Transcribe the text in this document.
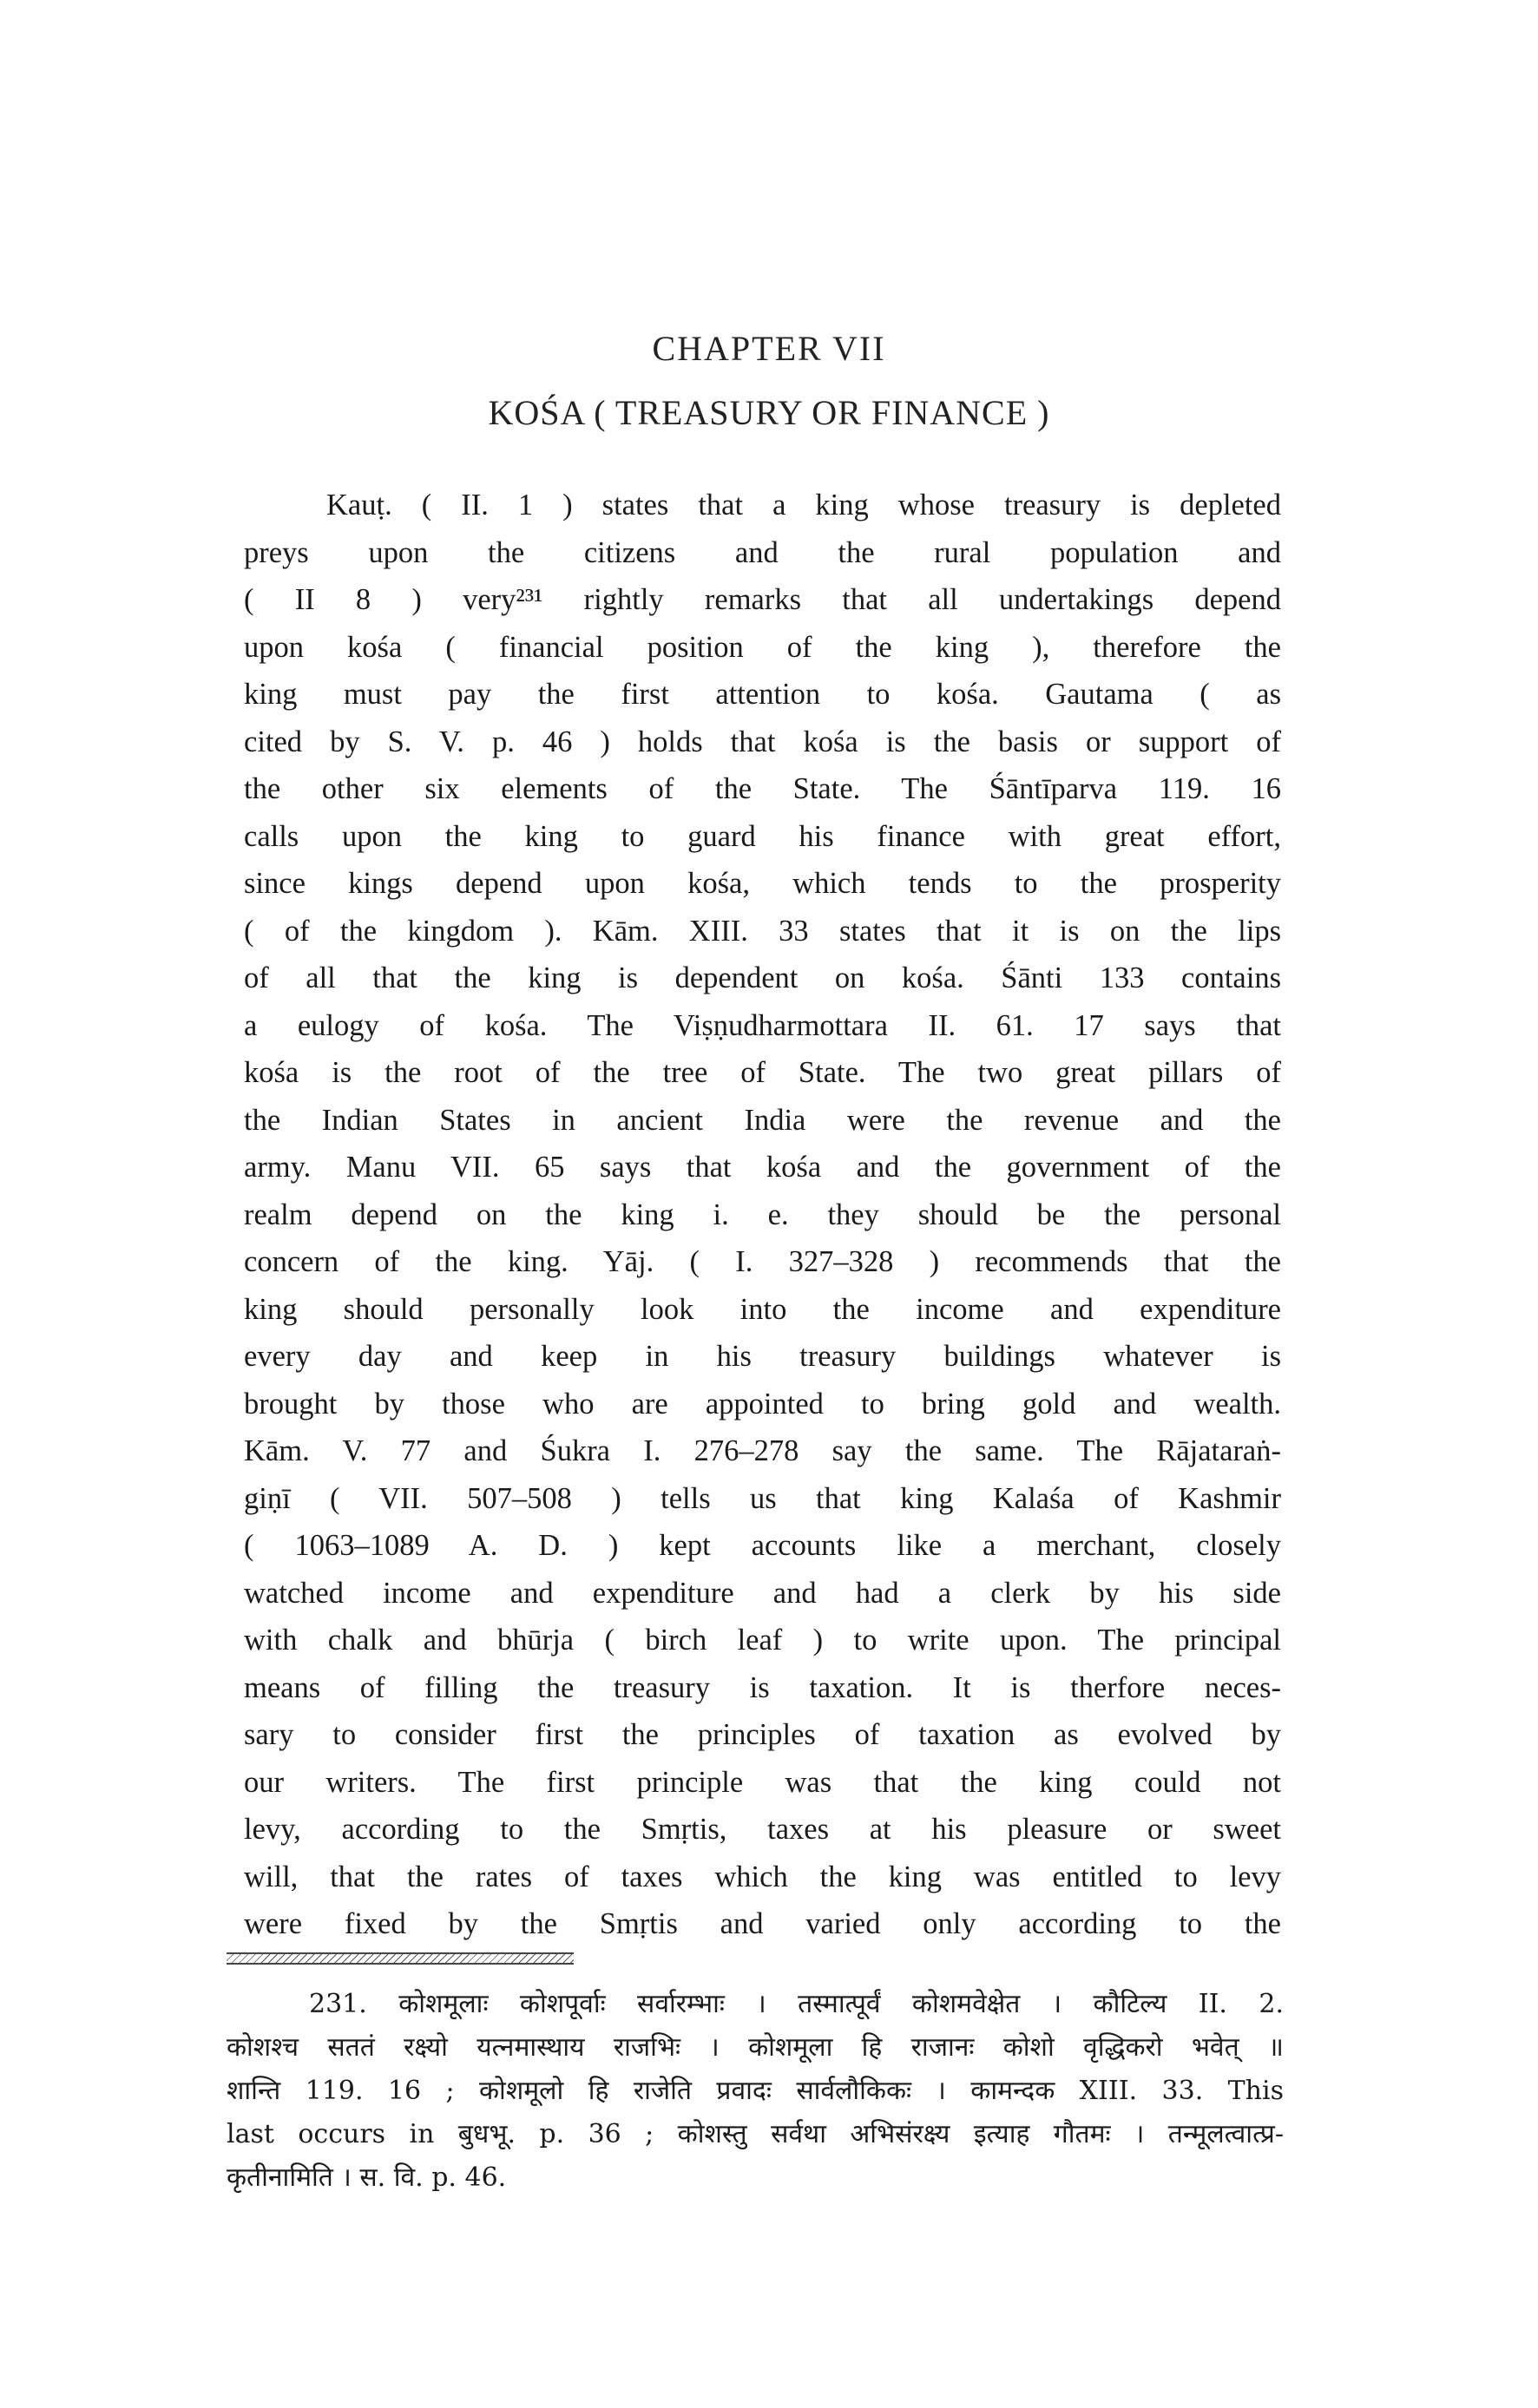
CHAPTER VII
KOŚA ( TREASURY OR FINANCE )
Kauṭ. ( II. 1 ) states that a king whose treasury is depleted
preys upon the citizens and the rural population and
( II 8 ) very²³¹ rightly remarks that all undertakings depend
upon kośa ( financial position of the king ), therefore the
king must pay the first attention to kośa. Gautama ( as
cited by S. V. p. 46 ) holds that kośa is the basis or support of
the other six elements of the State. The Śāntīparva 119. 16
calls upon the king to guard his finance with great effort,
since kings depend upon kośa, which tends to the prosperity
( of the kingdom ). Kām. XIII. 33 states that it is on the lips
of all that the king is dependent on kośa. Śānti 133 contains
a eulogy of kośa. The Viṣṇudharmottara II. 61. 17 says that
kośa is the root of the tree of State. The two great pillars of
the Indian States in ancient India were the revenue and the
army. Manu VII. 65 says that kośa and the government of the
realm depend on the king i. e. they should be the personal
concern of the king. Yāj. ( I. 327–328 ) recommends that the
king should personally look into the income and expenditure
every day and keep in his treasury buildings whatever is
brought by those who are appointed to bring gold and wealth.
Kām. V. 77 and Śukra I. 276–278 say the same. The Rājataraṅ-
giṇī ( VII. 507–508 ) tells us that king Kalaśa of Kashmir
( 1063–1089 A. D. ) kept accounts like a merchant, closely
watched income and expenditure and had a clerk by his side
with chalk and bhūrja ( birch leaf ) to write upon. The principal
means of filling the treasury is taxation. It is therfore neces-
sary to consider first the principles of taxation as evolved by
our writers. The first principle was that the king could not
levy, according to the Smṛtis, taxes at his pleasure or sweet
will, that the rates of taxes which the king was entitled to levy
were fixed by the Smṛtis and varied only according to the
231. कोशमूलाः कोशपूर्वाः सर्वारम्भाः । तस्मात्पूर्वं कोशमवेक्षेत । कौटिल्य II. 2.
कोशश्च सततं रक्ष्यो यत्नमास्थाय राजभिः । कोशमूला हि राजानः कोशो वृद्धिकरो भवेत् ॥
शान्ति 119. 16 ; कोशमूलो हि राजेति प्रवादः सार्वलौकिकः । कामन्दक XIII. 33. This
last occurs in बुधभू. p. 36 ; कोशस्तु सर्वथा अभिसंरक्ष्य इत्याह गौतमः । तन्मूलत्वात्प्र-
कृतीनामिति । स. वि. p. 46.
